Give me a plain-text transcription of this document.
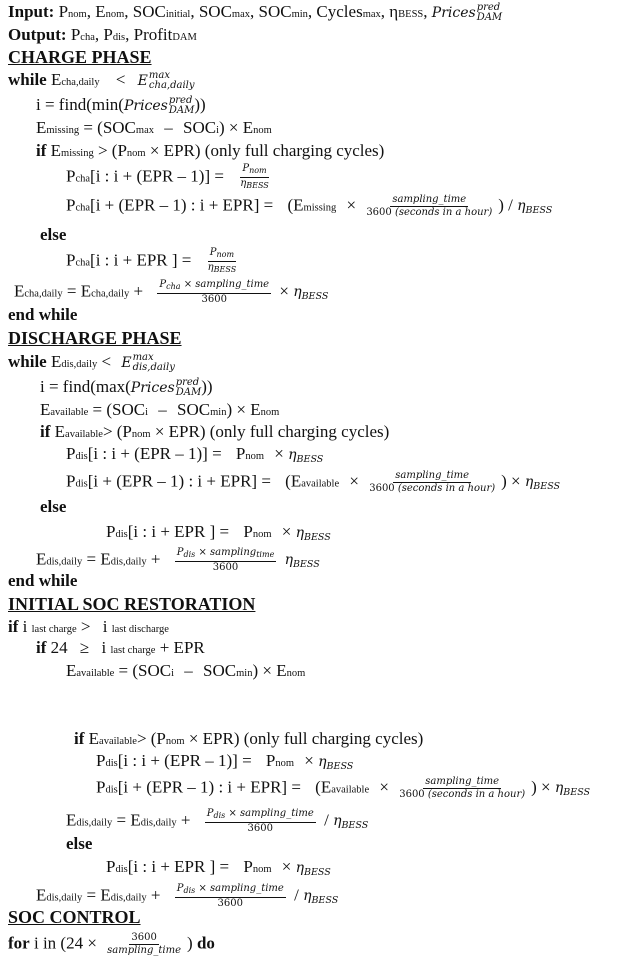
Input: Pnom, Enom, SOCinitial, SOCmax, SOCmin, Cyclesmax, ηBESS, Prices pred
DAM
Output: Pcha, Pdis, ProfitDAM
CHARGE PHASE
while Echa,daily < E max
cha,daily
i = find(min(Prices pred
DAM ))
Emissing = (SOCmax – SOCi) × Enom
if Emissing > (Pnom × EPR) (only full charging cycles)
Pcha[i : $i + (EPR - 1)] = \frac{P_{nom}}{\eta_{BESS}}$
Pcha[i + (EPR – 1) : i + EPR] = (Emissing × $\frac{\text{sampling\_time}}{\text{3600 (seconds in a hour)}}$ ) / $\eta_{BESS}$
else
Pcha[i : i + EPR ] = $\frac{P_{nom}}{\eta_{BESS}}$
Echa,daily = Echa,daily + $\frac{P_{cha} \times sampling\_time}{3600} \times \eta_{BESS}$
end while
DISCHARGE PHASE
while Edis,daily < E max
dis,daily
i = find(max(Prices pred
DAM ))
Eavailable = (SOCi – SOCmin) × Enom
if Eavailable> (Pnom × EPR) (only full charging cycles)
Pdis[i : i + (EPR – 1)] = Pnom × $\eta_{BESS}$
Pdis[i + (EPR – 1) : i + EPR] = (Eavailable × $\frac{\text{sampling\_time}}{\text{3600 (seconds in a hour)}}$ ) × $\eta_{BESS}$
else
Pdis[i : i + EPR ] = Pnom × $\eta_{BESS}$
Edis,daily = Edis,daily + $\frac{P_{dis} \times sampling_{time}}{3600} \eta_{BESS}$
end while
INITIAL SOC RESTORATION
if i last charge > i last discharge
if 24 ≥ i last charge + EPR
Eavailable = (SOCi – SOCmin) × Enom
if Eavailable> (Pnom × EPR) (only full charging cycles)
Pdis[i : i + (EPR – 1)] = Pnom × $\eta_{BESS}$
Pdis[i + (EPR – 1) : i + EPR] = (Eavailable × $\frac{\text{sampling\_time}}{\text{3600 (seconds in a hour)}}$ ) × $\eta_{BESS}$
Edis,daily = Edis,daily + $\frac{P_{dis} \times sampling\_time}{3600} / \eta_{BESS}$
else
Pdis[i : i + EPR ] = Pnom × $\eta_{BESS}$
Edis,daily = Edis,daily + $\frac{P_{dis} \times sampling\_time}{3600} / \eta_{BESS}$
SOC CONTROL
for i in ($24 \times \frac{3600}{\text{sampling\_time}}$ ) do
